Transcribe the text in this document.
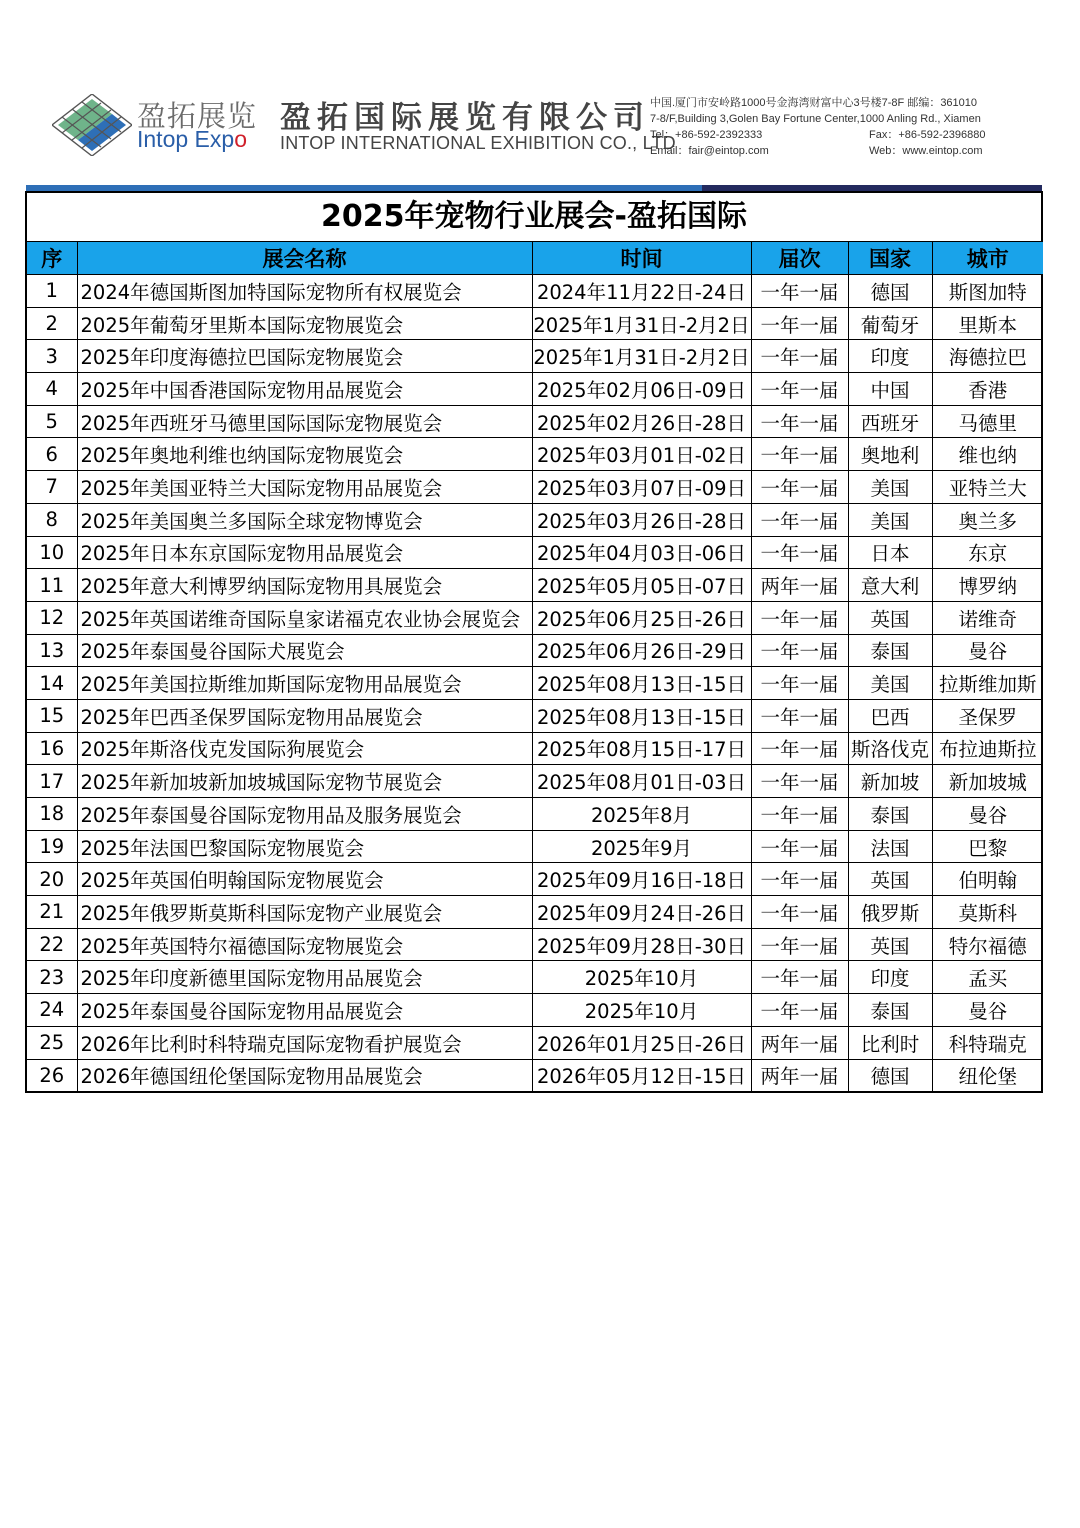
盈拓展览
Intop Expo
盈拓国际展览有限公司
INTOP INTERNATIONAL EXHIBITION CO., LTD
中国.厦门市安岭路1000号金海湾财富中心3号楼7-8F 邮编：361010
7-8/F,Building 3,Golen Bay Fortune Center,1000 Anling Rd., Xiamen
Tel：+86-592-2392333	Fax：+86-592-2396880
Email：fair@eintop.com	Web：www.eintop.com
2025年宠物行业展会-盈拓国际
序	展会名称	时间	届次	国家	城市
1	2024年德国斯图加特国际宠物所有权展览会	2024年11月22日-24日	一年一届	德国	斯图加特
2	2025年葡萄牙里斯本国际宠物展览会	2025年1月31日-2月2日	一年一届	葡萄牙	里斯本
3	2025年印度海德拉巴国际宠物展览会	2025年1月31日-2月2日	一年一届	印度	海德拉巴
4	2025年中国香港国际宠物用品展览会	2025年02月06日-09日	一年一届	中国	香港
5	2025年西班牙马德里国际国际宠物展览会	2025年02月26日-28日	一年一届	西班牙	马德里
6	2025年奥地利维也纳国际宠物展览会	2025年03月01日-02日	一年一届	奥地利	维也纳
7	2025年美国亚特兰大国际宠物用品展览会	2025年03月07日-09日	一年一届	美国	亚特兰大
8	2025年美国奥兰多国际全球宠物博览会	2025年03月26日-28日	一年一届	美国	奥兰多
10	2025年日本东京国际宠物用品展览会	2025年04月03日-06日	一年一届	日本	东京
11	2025年意大利博罗纳国际宠物用具展览会	2025年05月05日-07日	两年一届	意大利	博罗纳
12	2025年英国诺维奇国际皇家诺福克农业协会展览会	2025年06月25日-26日	一年一届	英国	诺维奇
13	2025年泰国曼谷国际犬展览会	2025年06月26日-29日	一年一届	泰国	曼谷
14	2025年美国拉斯维加斯国际宠物用品展览会	2025年08月13日-15日	一年一届	美国	拉斯维加斯
15	2025年巴西圣保罗国际宠物用品展览会	2025年08月13日-15日	一年一届	巴西	圣保罗
16	2025年斯洛伐克发国际狗展览会	2025年08月15日-17日	一年一届	斯洛伐克	布拉迪斯拉
17	2025年新加坡新加坡城国际宠物节展览会	2025年08月01日-03日	一年一届	新加坡	新加坡城
18	2025年泰国曼谷国际宠物用品及服务展览会	2025年8月	一年一届	泰国	曼谷
19	2025年法国巴黎国际宠物展览会	2025年9月	一年一届	法国	巴黎
20	2025年英国伯明翰国际宠物展览会	2025年09月16日-18日	一年一届	英国	伯明翰
21	2025年俄罗斯莫斯科国际宠物产业展览会	2025年09月24日-26日	一年一届	俄罗斯	莫斯科
22	2025年英国特尔福德国际宠物展览会	2025年09月28日-30日	一年一届	英国	特尔福德
23	2025年印度新德里国际宠物用品展览会	2025年10月	一年一届	印度	孟买
24	2025年泰国曼谷国际宠物用品展览会	2025年10月	一年一届	泰国	曼谷
25	2026年比利时科特瑞克国际宠物看护展览会	2026年01月25日-26日	两年一届	比利时	科特瑞克
26	2026年德国纽伦堡国际宠物用品展览会	2026年05月12日-15日	两年一届	德国	纽伦堡
